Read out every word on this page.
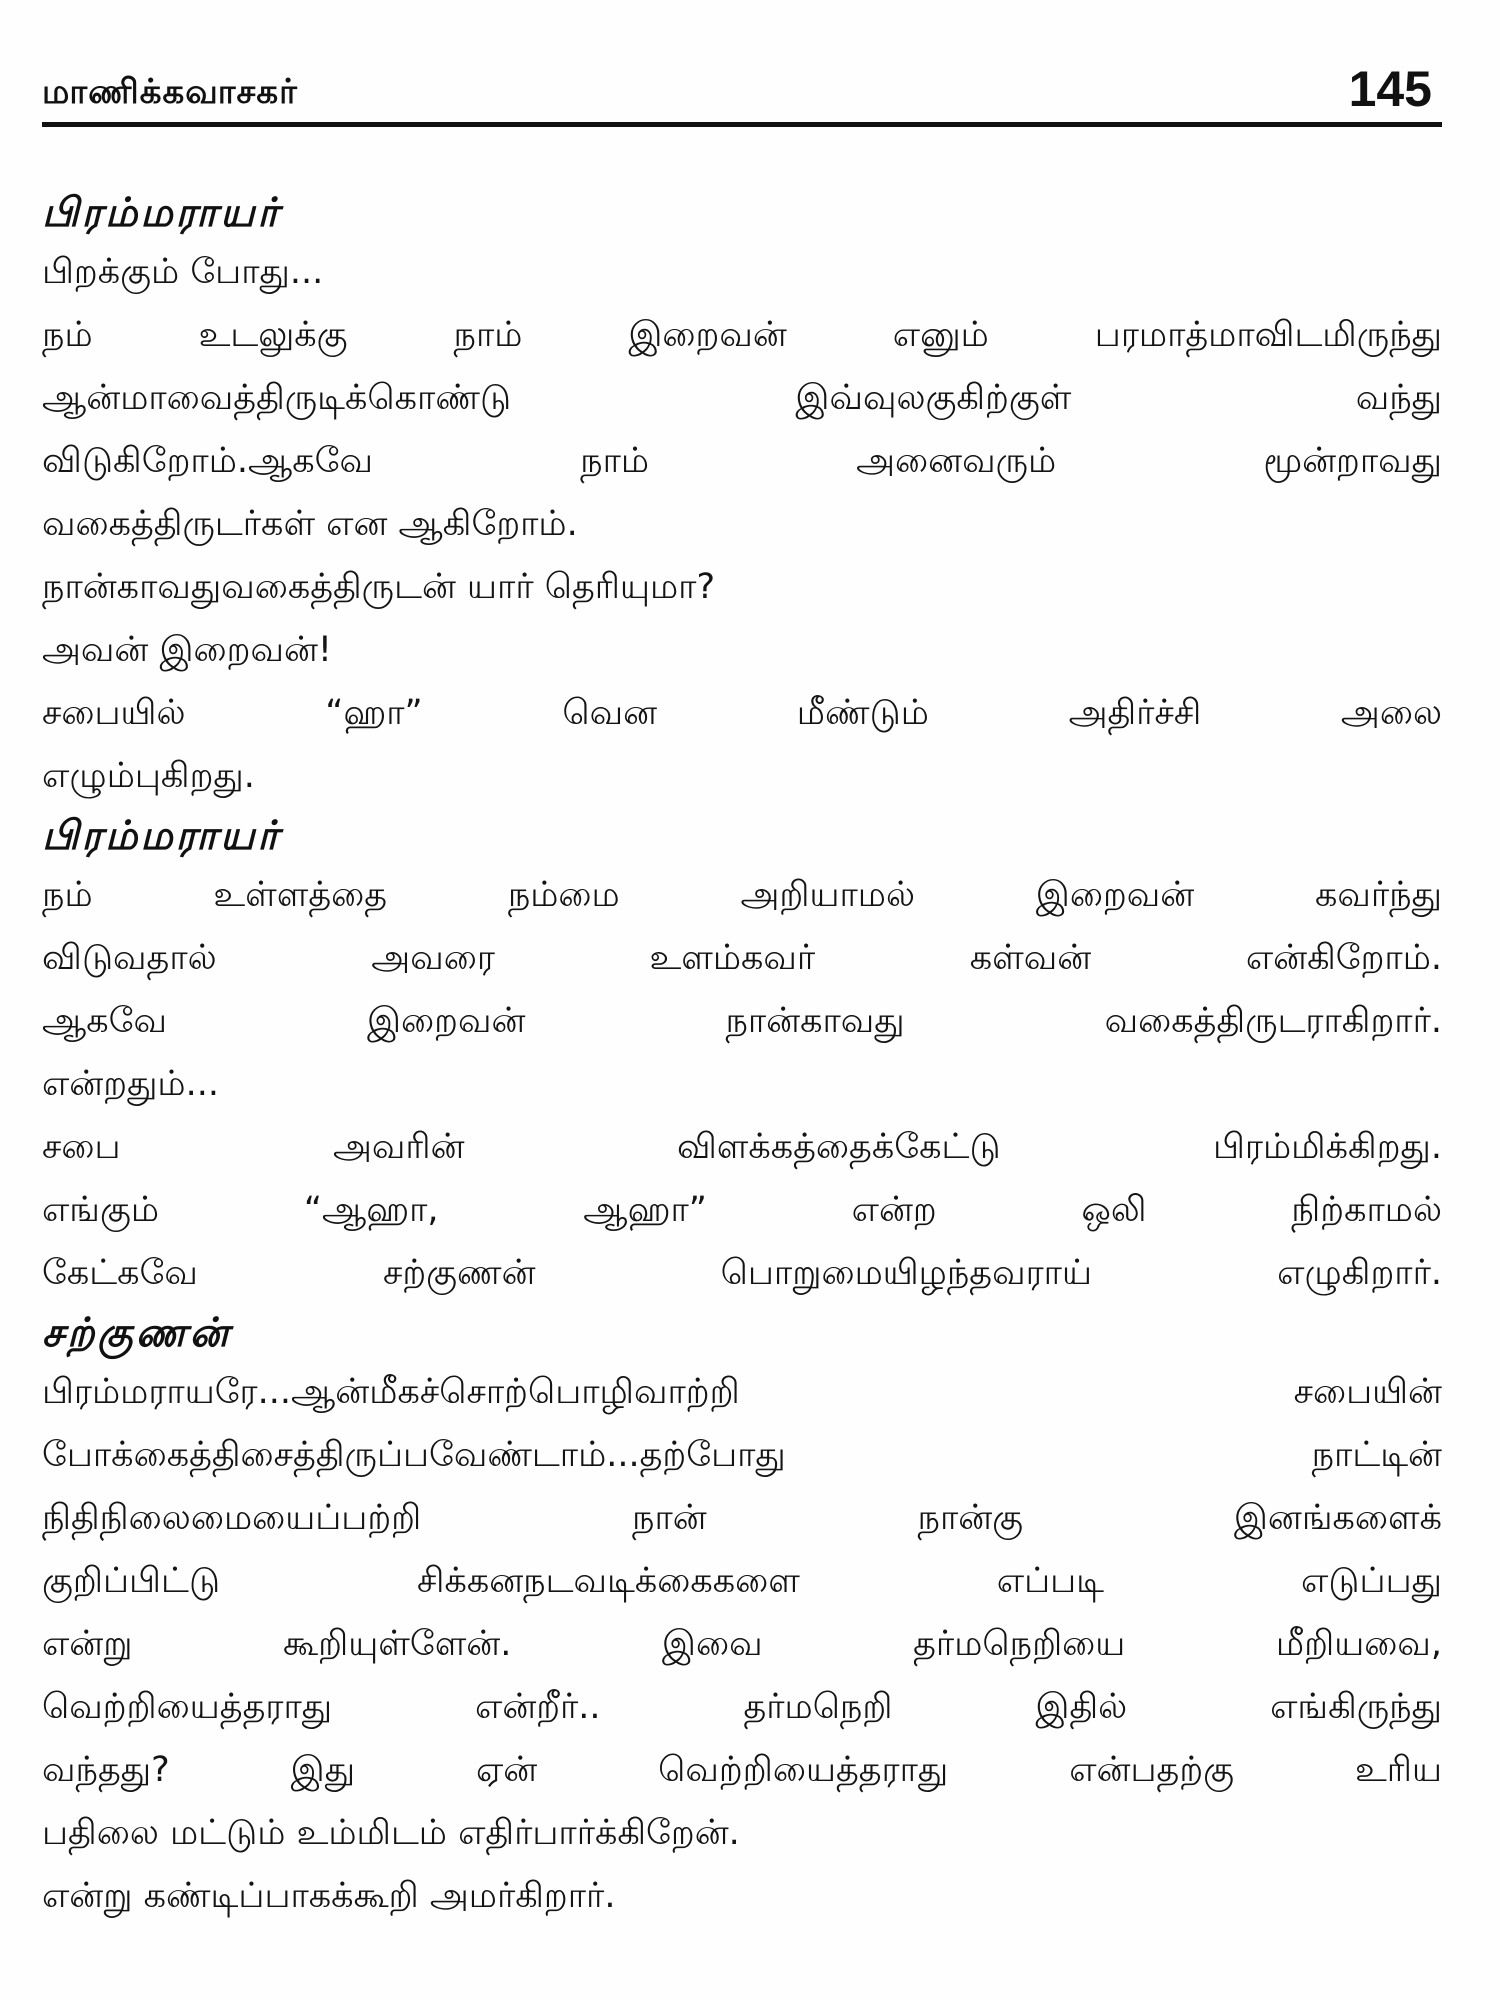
மாணிக்கவாசகர்	145
பிரம்மராயர்
பிறக்கும் போது...
நம் உடலுக்கு நாம் இறைவன் எனும் பரமாத்மாவிடமிருந்து
ஆன்மாவைத்திருடிக்கொண்டு இவ்வுலகுகிற்குள் வந்து
விடுகிறோம்.ஆகவே நாம் அனைவரும் மூன்றாவது
வகைத்திருடர்கள் என ஆகிறோம்.
நான்காவதுவகைத்திருடன் யார் தெரியுமா?
அவன் இறைவன்!
சபையில் “ஹா” வென மீண்டும் அதிர்ச்சி அலை
எழும்புகிறது.
பிரம்மராயர்
நம் உள்ளத்தை நம்மை அறியாமல் இறைவன் கவர்ந்து
விடுவதால் அவரை உளம்கவர் கள்வன் என்கிறோம்.
ஆகவே இறைவன் நான்காவது வகைத்திருடராகிறார்.
என்றதும்...
சபை அவரின் விளக்கத்தைக்கேட்டு பிரம்மிக்கிறது.
எங்கும் “ஆஹா, ஆஹா” என்ற ஒலி நிற்காமல்
கேட்கவே சற்குணன் பொறுமையிழந்தவராய் எழுகிறார்.
சற்குணன்
பிரம்மராயரே...ஆன்மீகச்சொற்பொழிவாற்றி சபையின்
போக்கைத்திசைத்திருப்பவேண்டாம்...தற்போது நாட்டின்
நிதிநிலைமையைப்பற்றி நான் நான்கு இனங்களைக்
குறிப்பிட்டு சிக்கனநடவடிக்கைகளை எப்படி எடுப்பது
என்று கூறியுள்ளேன். இவை தர்மநெறியை மீறியவை,
வெற்றியைத்தராது என்றீர்.. தர்மநெறி இதில் எங்கிருந்து
வந்தது? இது ஏன் வெற்றியைத்தராது என்பதற்கு உரிய
பதிலை மட்டும் உம்மிடம் எதிர்பார்க்கிறேன்.
என்று கண்டிப்பாகக்கூறி அமர்கிறார்.
